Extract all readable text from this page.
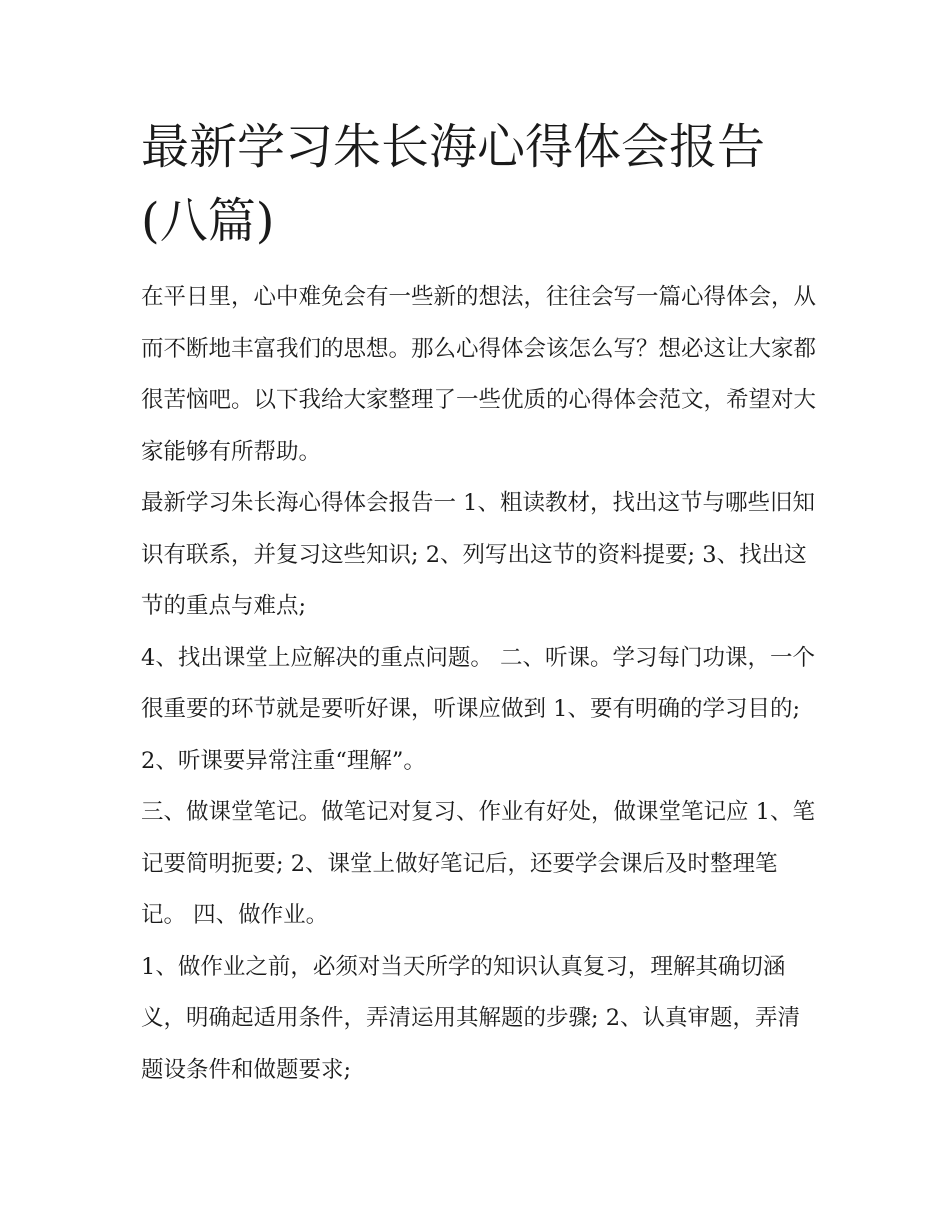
最新学习朱长海心得体会报告(八篇)

在平日里，心中难免会有一些新的想法，往往会写一篇心得体会，从而不断地丰富我们的思想。那么心得体会该怎么写？想必这让大家都很苦恼吧。以下我给大家整理了一些优质的心得体会范文，希望对大家能够有所帮助。

最新学习朱长海心得体会报告一 1、粗读教材，找出这节与哪些旧知识有联系，并复习这些知识; 2、列写出这节的资料提要; 3、找出这节的重点与难点;

4、找出课堂上应解决的重点问题。 二、听课。学习每门功课，一个很重要的环节就是要听好课，听课应做到 1、要有明确的学习目的; 2、听课要异常注重“理解”。

三、做课堂笔记。做笔记对复习、作业有好处，做课堂笔记应 1、笔记要简明扼要; 2、课堂上做好笔记后，还要学会课后及时整理笔记。 四、做作业。

1、做作业之前，必须对当天所学的知识认真复习，理解其确切涵义，明确起适用条件，弄清运用其解题的步骤; 2、认真审题，弄清题设条件和做题要求;
